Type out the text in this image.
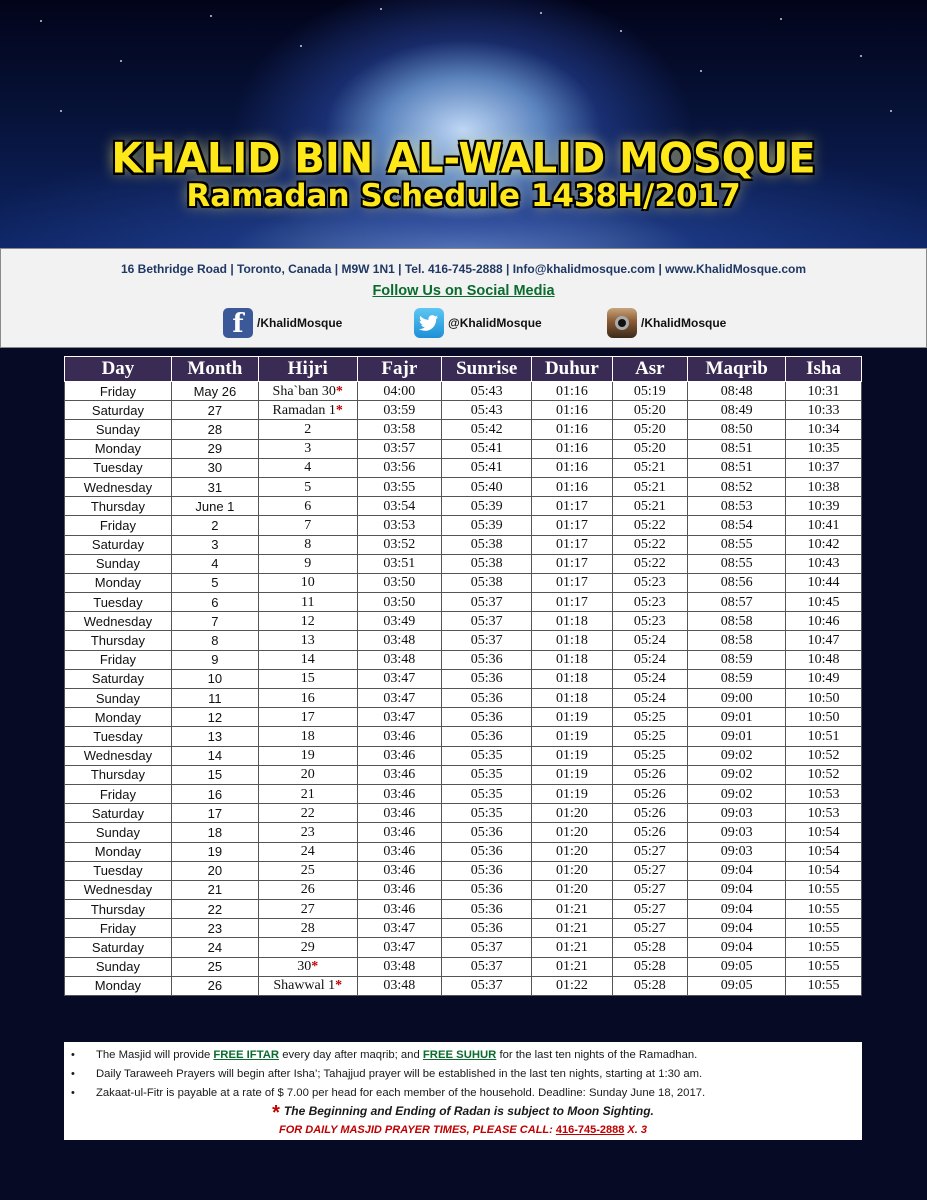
KHALID BIN AL-WALID MOSQUE
Ramadan Schedule 1438H/2017
16 Bethridge Road | Toronto, Canada | M9W 1N1 | Tel. 416-745-2888 | Info@khalidmosque.com | www.KhalidMosque.com
Follow Us on Social Media
f	/KhalidMosque	@KhalidMosque	/KhalidMosque
Day	Month	Hijri	Fajr	Sunrise	Duhur	Asr	Maqrib	Isha
Friday	May 26	Sha`ban 30*	04:00	05:43	01:16	05:19	08:48	10:31
Saturday	27	Ramadan 1*	03:59	05:43	01:16	05:20	08:49	10:33
Sunday	28	2	03:58	05:42	01:16	05:20	08:50	10:34
Monday	29	3	03:57	05:41	01:16	05:20	08:51	10:35
Tuesday	30	4	03:56	05:41	01:16	05:21	08:51	10:37
Wednesday	31	5	03:55	05:40	01:16	05:21	08:52	10:38
Thursday	June 1	6	03:54	05:39	01:17	05:21	08:53	10:39
Friday	2	7	03:53	05:39	01:17	05:22	08:54	10:41
Saturday	3	8	03:52	05:38	01:17	05:22	08:55	10:42
Sunday	4	9	03:51	05:38	01:17	05:22	08:55	10:43
Monday	5	10	03:50	05:38	01:17	05:23	08:56	10:44
Tuesday	6	11	03:50	05:37	01:17	05:23	08:57	10:45
Wednesday	7	12	03:49	05:37	01:18	05:23	08:58	10:46
Thursday	8	13	03:48	05:37	01:18	05:24	08:58	10:47
Friday	9	14	03:48	05:36	01:18	05:24	08:59	10:48
Saturday	10	15	03:47	05:36	01:18	05:24	08:59	10:49
Sunday	11	16	03:47	05:36	01:18	05:24	09:00	10:50
Monday	12	17	03:47	05:36	01:19	05:25	09:01	10:50
Tuesday	13	18	03:46	05:36	01:19	05:25	09:01	10:51
Wednesday	14	19	03:46	05:35	01:19	05:25	09:02	10:52
Thursday	15	20	03:46	05:35	01:19	05:26	09:02	10:52
Friday	16	21	03:46	05:35	01:19	05:26	09:02	10:53
Saturday	17	22	03:46	05:35	01:20	05:26	09:03	10:53
Sunday	18	23	03:46	05:36	01:20	05:26	09:03	10:54
Monday	19	24	03:46	05:36	01:20	05:27	09:03	10:54
Tuesday	20	25	03:46	05:36	01:20	05:27	09:04	10:54
Wednesday	21	26	03:46	05:36	01:20	05:27	09:04	10:55
Thursday	22	27	03:46	05:36	01:21	05:27	09:04	10:55
Friday	23	28	03:47	05:36	01:21	05:27	09:04	10:55
Saturday	24	29	03:47	05:37	01:21	05:28	09:04	10:55
Sunday	25	30*	03:48	05:37	01:21	05:28	09:05	10:55
Monday	26	Shawwal 1*	03:48	05:37	01:22	05:28	09:05	10:55
• The Masjid will provide FREE IFTAR every day after maqrib; and FREE SUHUR for the last ten nights of the Ramadhan.
• Daily Taraweeh Prayers will begin after Isha’; Tahajjud prayer will be established in the last ten nights, starting at 1:30 am.
• Zakaat-ul-Fitr is payable at a rate of $ 7.00 per head for each member of the household. Deadline: Sunday June 18, 2017.
* The Beginning and Ending of Radan is subject to Moon Sighting.
FOR DAILY MASJID PRAYER TIMES, PLEASE CALL: 416-745-2888 X. 3
